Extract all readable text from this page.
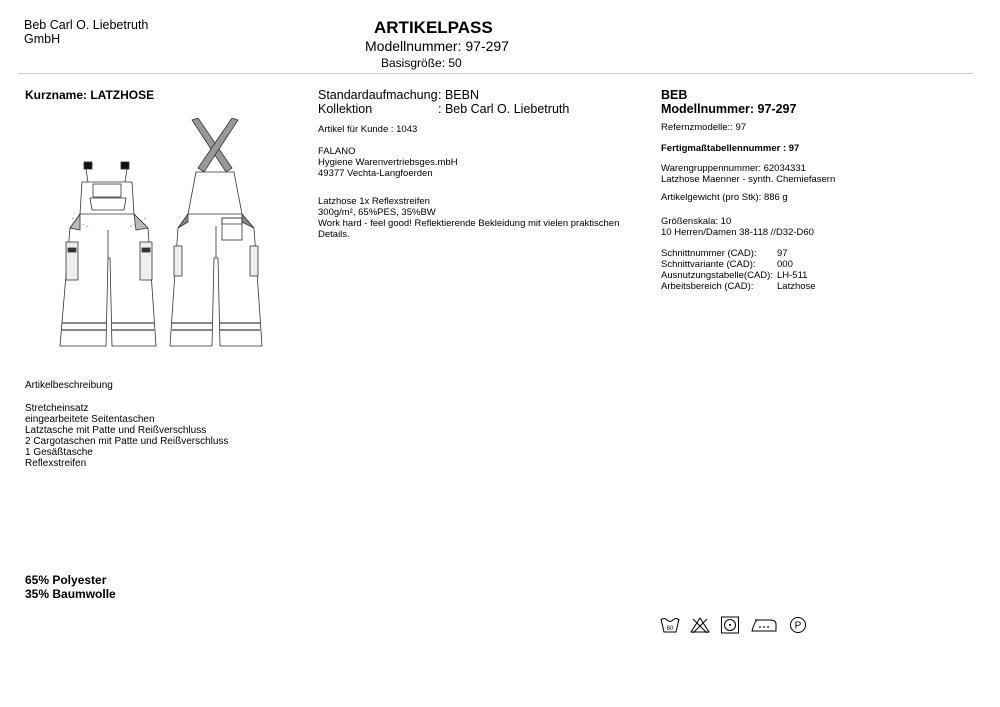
Beb Carl O. Liebetruth
GmbH
ARTIKELPASS
Modellnummer: 97-297
Basisgröße: 50
Kurzname: LATZHOSE
Artikelbeschreibung
Stretcheinsatz
eingearbeitete Seitentaschen
Latztasche mit Patte und Reißverschluss
2 Cargotaschen mit Patte und Reißverschluss
1 Gesäßtasche
Reflexstreifen
65% Polyester
35% Baumwolle
Standardaufmachung: BEBN
Kollektion	: Beb Carl O. Liebetruth
Artikel für Kunde : 1043
FALANO
Hygiene Warenvertriebsges.mbH
49377 Vechta-Langfoerden
Latzhose 1x Reflexstreifen
300g/m², 65%PES, 35%BW
Work hard - feel good! Reflektierende Bekleidung mit vielen praktischen Details.
BEB
Modellnummer: 97-297
Refernzmodelle:: 97
Fertigmaßtabellennummer : 97
Warengruppennummer: 62034331
Latzhose Maenner - synth. Chemiefasern
Artikelgewicht (pro Stk): 886 g
Größenskala: 10
10 Herren/Damen 38-118 //D32-D60
Schnittnummer (CAD): 97
Schnittvariante (CAD): 000
Ausnutzungstabelle(CAD): LH-511
Arbeitsbereich (CAD): Latzhose
60	P
